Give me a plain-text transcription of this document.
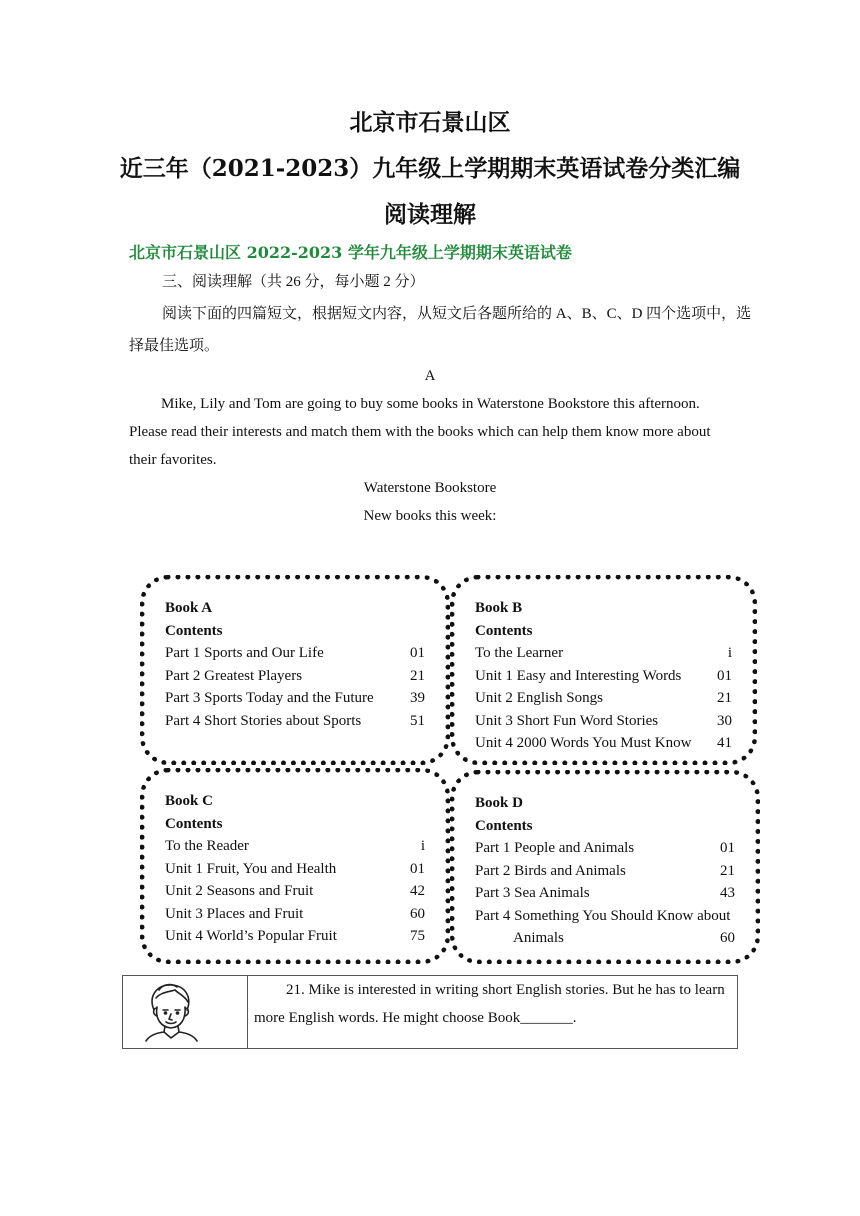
北京市石景山区
近三年（2021-2023）九年级上学期期末英语试卷分类汇编
阅读理解
北京市石景山区 2022-2023 学年九年级上学期期末英语试卷
三、阅读理解（共 26 分，每小题 2 分）
阅读下面的四篇短文，根据短文内容，从短文后各题所给的 A、B、C、D 四个选项中，选
择最佳选项。
A
Mike, Lily and Tom are going to buy some books in Waterstone Bookstore this afternoon.
Please read their interests and match them with the books which can help them know more about
their favorites.
Waterstone Bookstore
New books this week:
Book A
Contents
Part 1 Sports and Our Life	01
Part 2 Greatest Players	21
Part 3 Sports Today and the Future 39
Part 4 Short Stories about Sports	51
Book B
Contents
To the Learner	i
Unit 1 Easy and Interesting Words 01
Unit 2 English Songs	21
Unit 3 Short Fun Word Stories	30
Unit 4 2000 Words You Must Know 41
Book C
Contents
To the Reader	i
Unit 1 Fruit, You and Health	01
Unit 2 Seasons and Fruit	42
Unit 3 Places and Fruit	60
Unit 4 World’s Popular Fruit	75
Book D
Contents
Part 1 People and Animals	01
Part 2 Birds and Animals	21
Part 3 Sea Animals	43
Part 4 Something You Should Know about
Animals	60

21. Mike is interested in writing short English stories. But he has to learn
more English words. He might choose Book_______.
